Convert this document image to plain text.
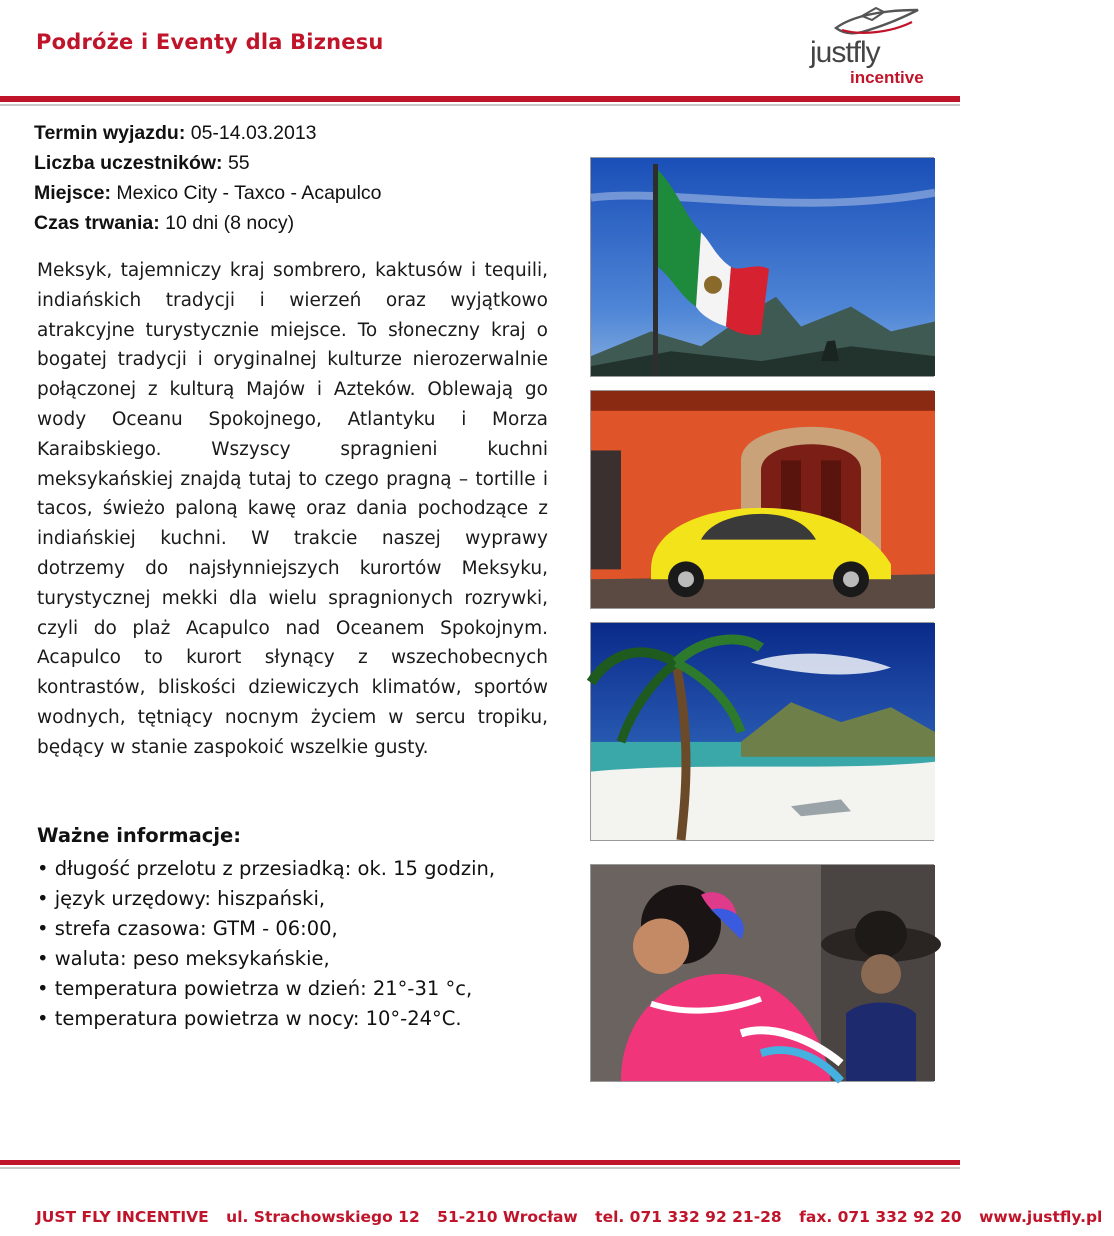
Podróże i Eventy dla Biznesu	justfly
incentive
Termin wyjazdu: 05-14.03.2013
Liczba uczestników: 55
Miejsce: Mexico City - Taxco - Acapulco
Czas trwania: 10 dni (8 nocy)

Meksyk, tajemniczy kraj sombrero, kaktusów i tequili, indiańskich tradycji i wierzeń oraz wyjątkowo atrakcyjne turystycznie miejsce. To słoneczny kraj o bogatej tradycji i oryginalnej kulturze nierozerwalnie połączonej z kulturą Majów i Azteków. Oblewają go wody Oceanu Spokojnego, Atlantyku i Morza Karaibskiego. Wszyscy spragnieni kuchni meksykańskiej znajdą tutaj to czego pragną – tortille i tacos, świeżo paloną kawę oraz dania pochodzące z indiańskiej kuchni. W trakcie naszej wyprawy dotrzemy do najsłynniejszych kurortów Meksyku, turystycznej mekki dla wielu spragnionych rozrywki, czyli do plaż Acapulco nad Oceanem Spokojnym. Acapulco to kurort słynący z wszechobecnych kontrastów, bliskości dziewiczych klimatów, sportów wodnych, tętniący nocnym życiem w sercu tropiku, będący w stanie zaspokoić wszelkie gusty.

Ważne informacje:
• długość przelotu z przesiadką: ok. 15 godzin,
• język urzędowy: hiszpański,
• strefa czasowa: GTM - 06:00,
• waluta: peso meksykańskie,
• temperatura powietrza w dzień: 21°-31 °c,
• temperatura powietrza w nocy: 10°-24°C.
JUST FLY INCENTIVE ul. Strachowskiego 12 51-210 Wrocław tel. 071 332 92 21-28 fax. 071 332 92 20 www.justfly.pl
